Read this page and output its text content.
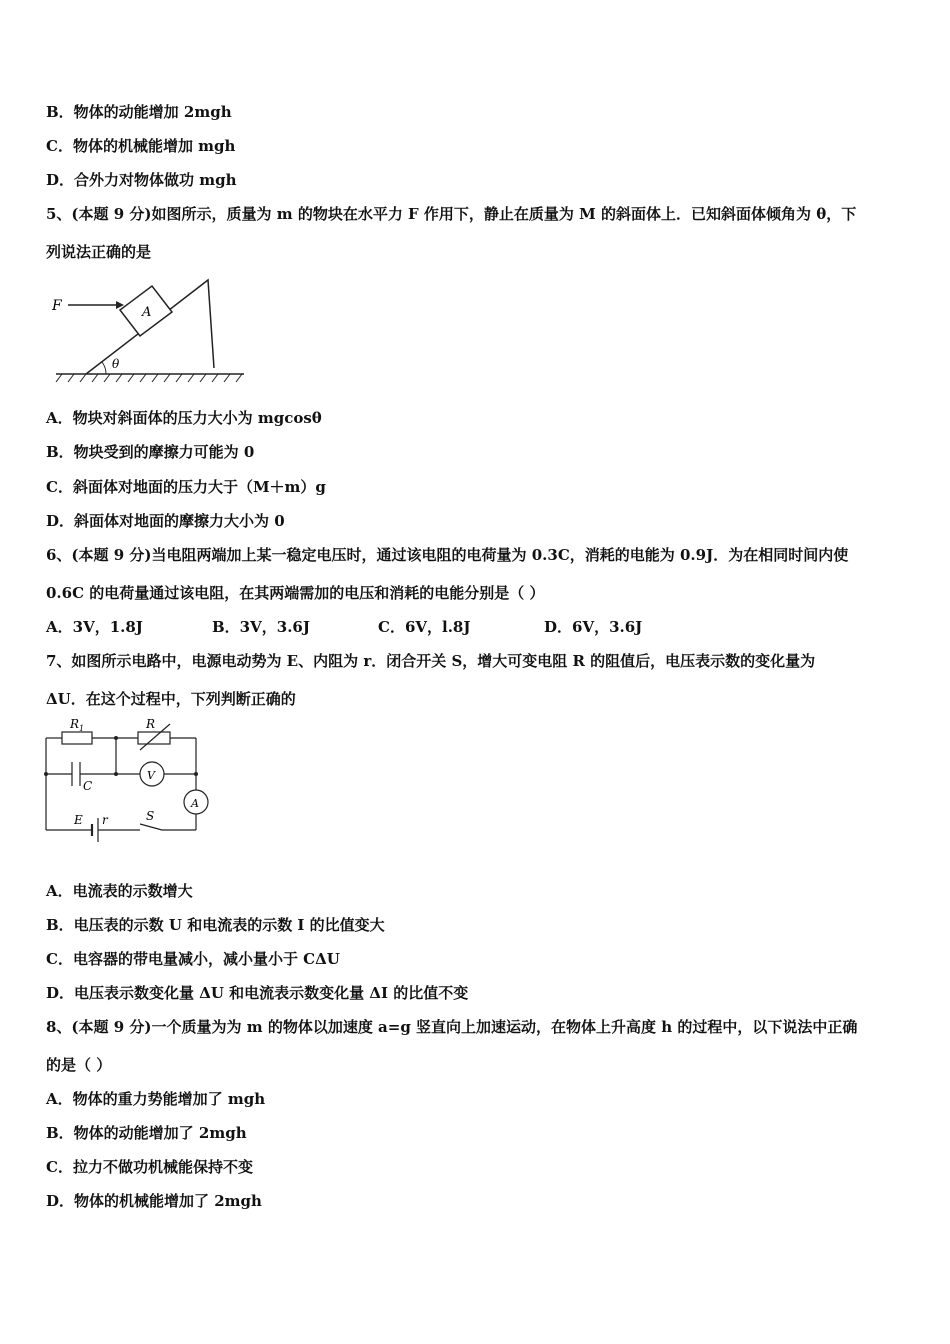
B．物体的动能增加 2mgh
C．物体的机械能增加 mgh
D．合外力对物体做功 mgh
5、(本题 9 分)如图所示，质量为 m 的物块在水平力 F 作用下，静止在质量为 M 的斜面体上．已知斜面体倾角为 θ，下
列说法正确的是
A
F
θ
A．物块对斜面体的压力大小为 mgcosθ
B．物块受到的摩擦力可能为 0
C．斜面体对地面的压力大于（M＋m）g
D．斜面体对地面的摩擦力大小为 0
6、(本题 9 分)当电阻两端加上某一稳定电压时，通过该电阻的电荷量为 0.3C，消耗的电能为 0.9J．为在相同时间内使
0.6C 的电荷量通过该电阻，在其两端需加的电压和消耗的电能分别是（ ）
A．3V，1.8J	B．3V，3.6J	C．6V，l.8J	D．6V，3.6J
7、如图所示电路中，电源电动势为 E、内阻为 r．闭合开关 S，增大可变电阻 R 的阻值后，电压表示数的变化量为
ΔU．在这个过程中，下列判断正确的
$R_1$	R
C
V
A
E r	S
A．电流表的示数增大
B．电压表的示数 U 和电流表的示数 I 的比值变大
C．电容器的带电量减小，减小量小于 CΔU
D．电压表示数变化量 ΔU 和电流表示数变化量 ΔI 的比值不变
8、(本题 9 分)一个质量为为 m 的物体以加速度 a=g 竖直向上加速运动，在物体上升高度 h 的过程中，以下说法中正确
的是（ ）
A．物体的重力势能增加了 mgh
B．物体的动能增加了 2mgh
C．拉力不做功机械能保持不变
D．物体的机械能增加了 2mgh
